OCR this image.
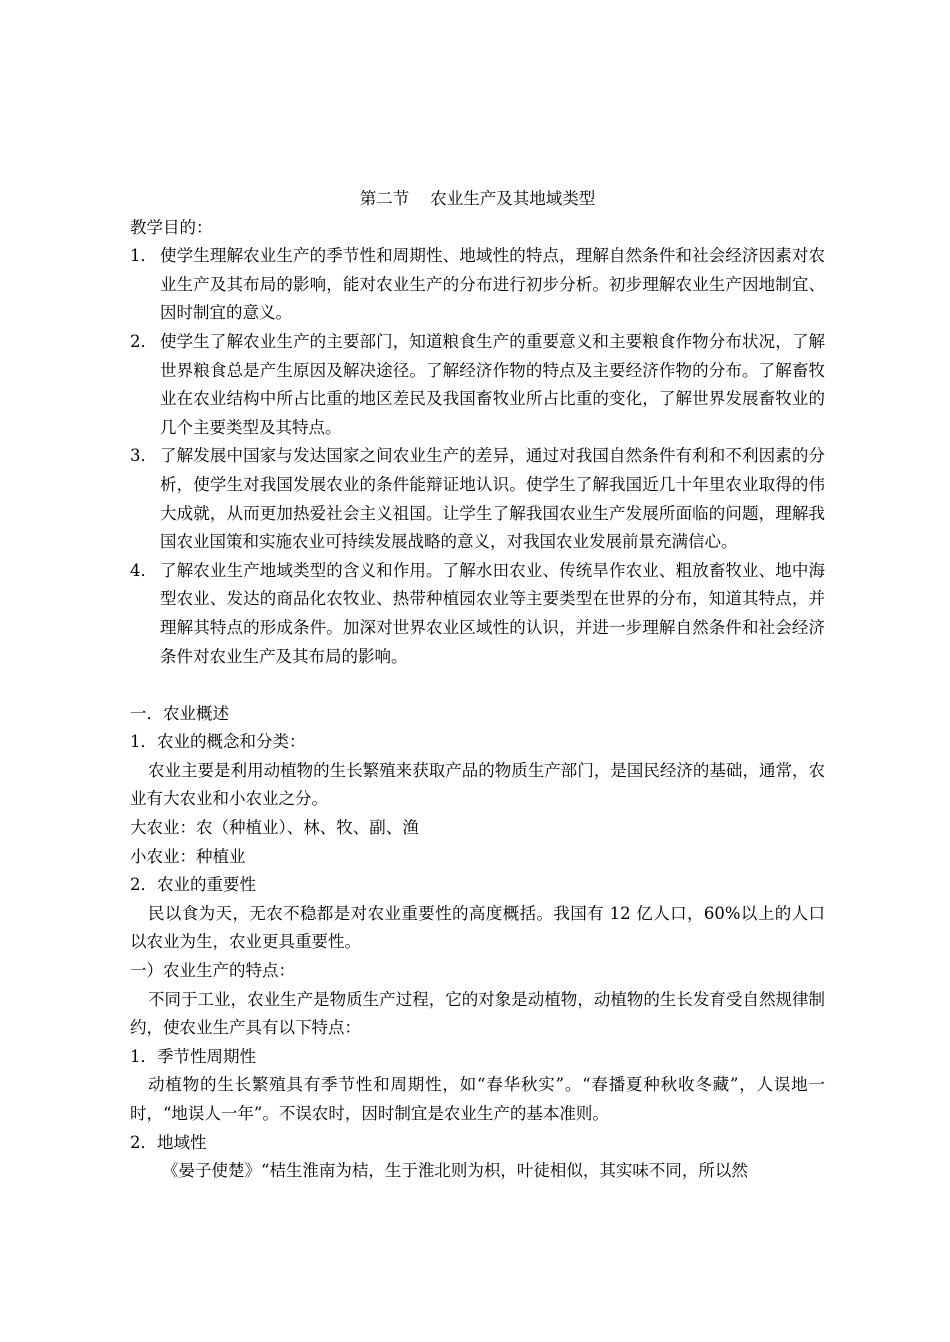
第二节    农业生产及其地域类型

教学目的：

1． 使学生理解农业生产的季节性和周期性、地域性的特点，理解自然条件和社会经济因素对农业生产及其布局的影响，能对农业生产的分布进行初步分析。初步理解农业生产因地制宜、因时制宜的意义。
2． 使学生了解农业生产的主要部门，知道粮食生产的重要意义和主要粮食作物分布状况，了解世界粮食总是产生原因及解决途径。了解经济作物的特点及主要经济作物的分布。了解畜牧业在农业结构中所占比重的地区差民及我国畜牧业所占比重的变化，了解世界发展畜牧业的几个主要类型及其特点。
3． 了解发展中国家与发达国家之间农业生产的差异，通过对我国自然条件有利和不利因素的分析，使学生对我国发展农业的条件能辩证地认识。使学生了解我国近几十年里农业取得的伟大成就，从而更加热爱社会主义祖国。让学生了解我国农业生产发展所面临的问题，理解我国农业国策和实施农业可持续发展战略的意义，对我国农业发展前景充满信心。
4． 了解农业生产地域类型的含义和作用。了解水田农业、传统旱作农业、粗放畜牧业、地中海型农业、发达的商品化农牧业、热带种植园农业等主要类型在世界的分布，知道其特点，并理解其特点的形成条件。加深对世界农业区域性的认识，并进一步理解自然条件和社会经济条件对农业生产及其布局的影响。

一．农业概述

1．农业的概念和分类：

农业主要是利用动植物的生长繁殖来获取产品的物质生产部门，是国民经济的基础，通常，农业有大农业和小农业之分。

大农业：农（种植业）、林、牧、副、渔

小农业：种植业

2．农业的重要性

民以食为天，无农不稳都是对农业重要性的高度概括。我国有 12 亿人口，60%以上的人口以农业为生，农业更具重要性。

一）农业生产的特点：

不同于工业，农业生产是物质生产过程，它的对象是动植物，动植物的生长发育受自然规律制约，使农业生产具有以下特点：

1．季节性周期性

动植物的生长繁殖具有季节性和周期性，如“春华秋实”。“春播夏种秋收冬藏”，人误地一时，“地误人一年”。不误农时，因时制宜是农业生产的基本准则。

2．地域性

《晏子使楚》“桔生淮南为桔，生于淮北则为枳，叶徒相似，其实味不同，所以然
